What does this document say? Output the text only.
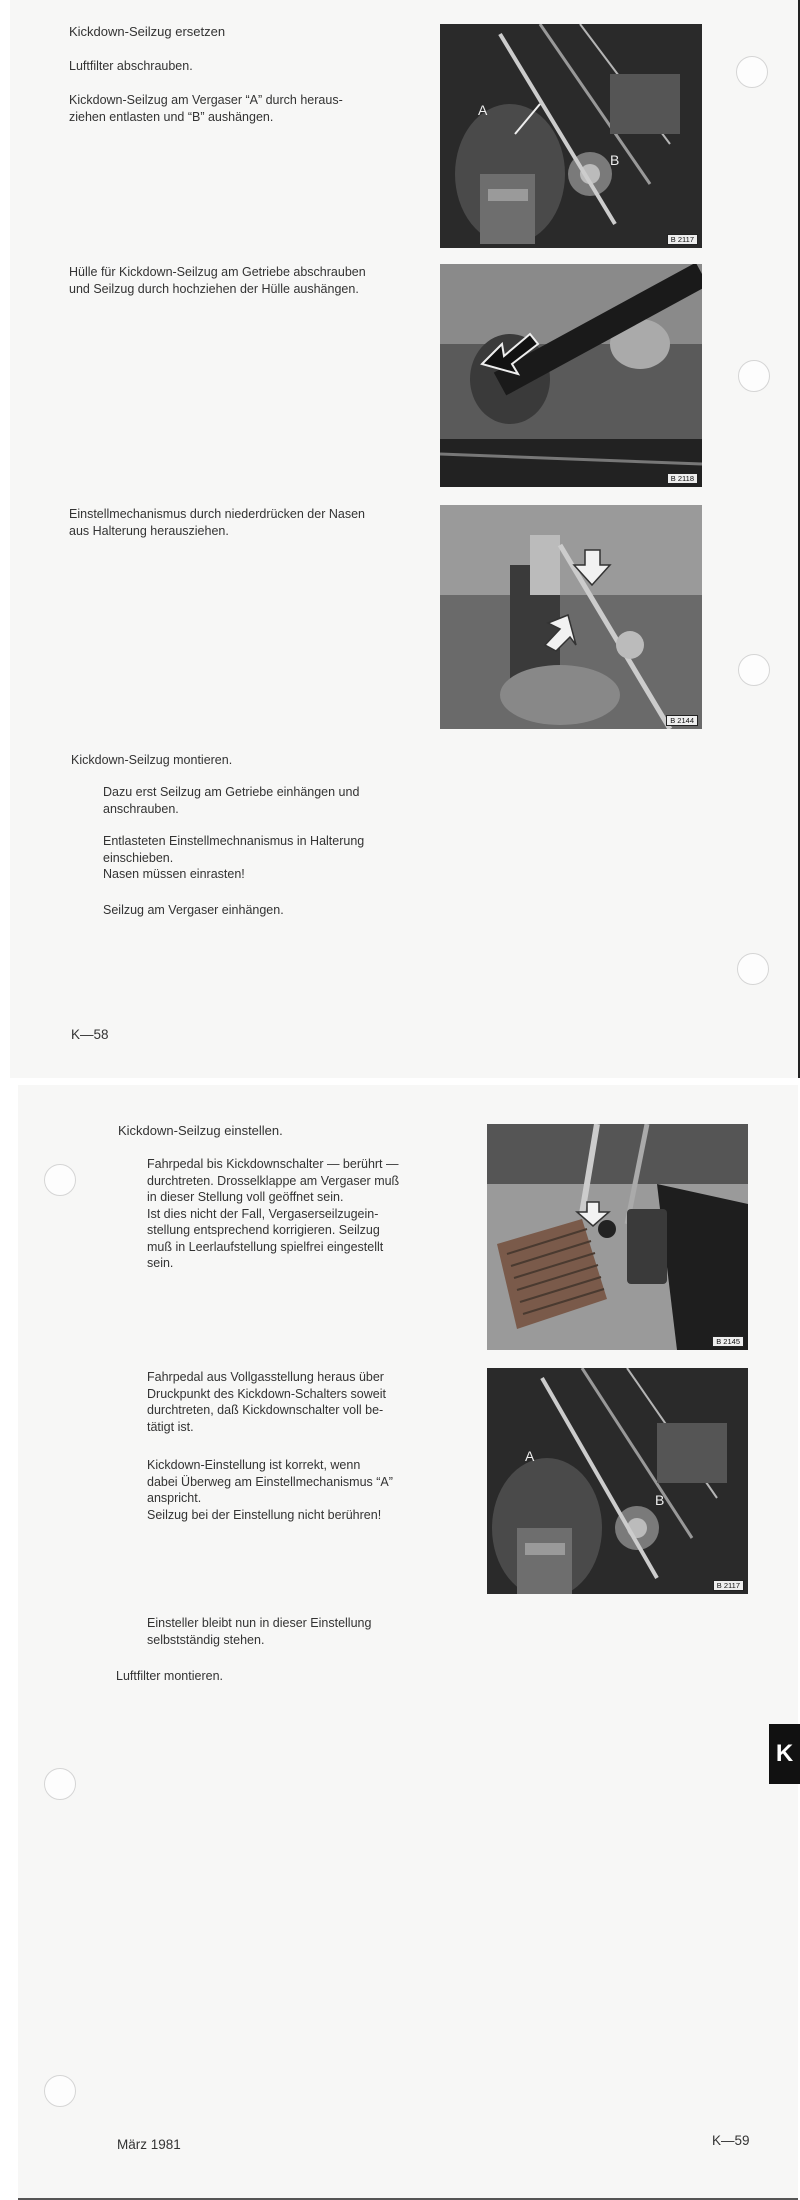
Kickdown-Seilzug ersetzen
Luftfilter abschrauben.
Kickdown-Seilzug am Vergaser “A” durch heraus-
ziehen entlasten und “B” aushängen.	A
B
B 2117
Hülle für Kickdown-Seilzug am Getriebe abschrauben
und Seilzug durch hochziehen der Hülle aushängen.
B 2118
Einstellmechanismus durch niederdrücken der Nasen
aus Halterung herausziehen.
B 2144
Kickdown-Seilzug montieren.
Dazu erst Seilzug am Getriebe einhängen und
anschrauben.
Entlasteten Einstellmechnanismus in Halterung
einschieben.
Nasen müssen einrasten!
Seilzug am Vergaser einhängen.
K—58
Kickdown-Seilzug einstellen.
Fahrpedal bis Kickdownschalter — berührt —
durchtreten. Drosselklappe am Vergaser muß
in dieser Stellung voll geöffnet sein.
Ist dies nicht der Fall, Vergaserseilzugein-
stellung entsprechend korrigieren. Seilzug
muß in Leerlaufstellung spielfrei eingestellt
sein.
B 2145
Fahrpedal aus Vollgasstellung heraus über
Druckpunkt des Kickdown-Schalters soweit
durchtreten, daß Kickdownschalter voll be-
tätigt ist.
Kickdown-Einstellung ist korrekt, wenn
dabei Überweg am Einstellmechanismus “A”
anspricht.
Seilzug bei der Einstellung nicht berühren!
A
B
B 2117
Einsteller bleibt nun in dieser Einstellung
selbstständig stehen.
Luftfilter montieren.
März 1981	K—59
K
